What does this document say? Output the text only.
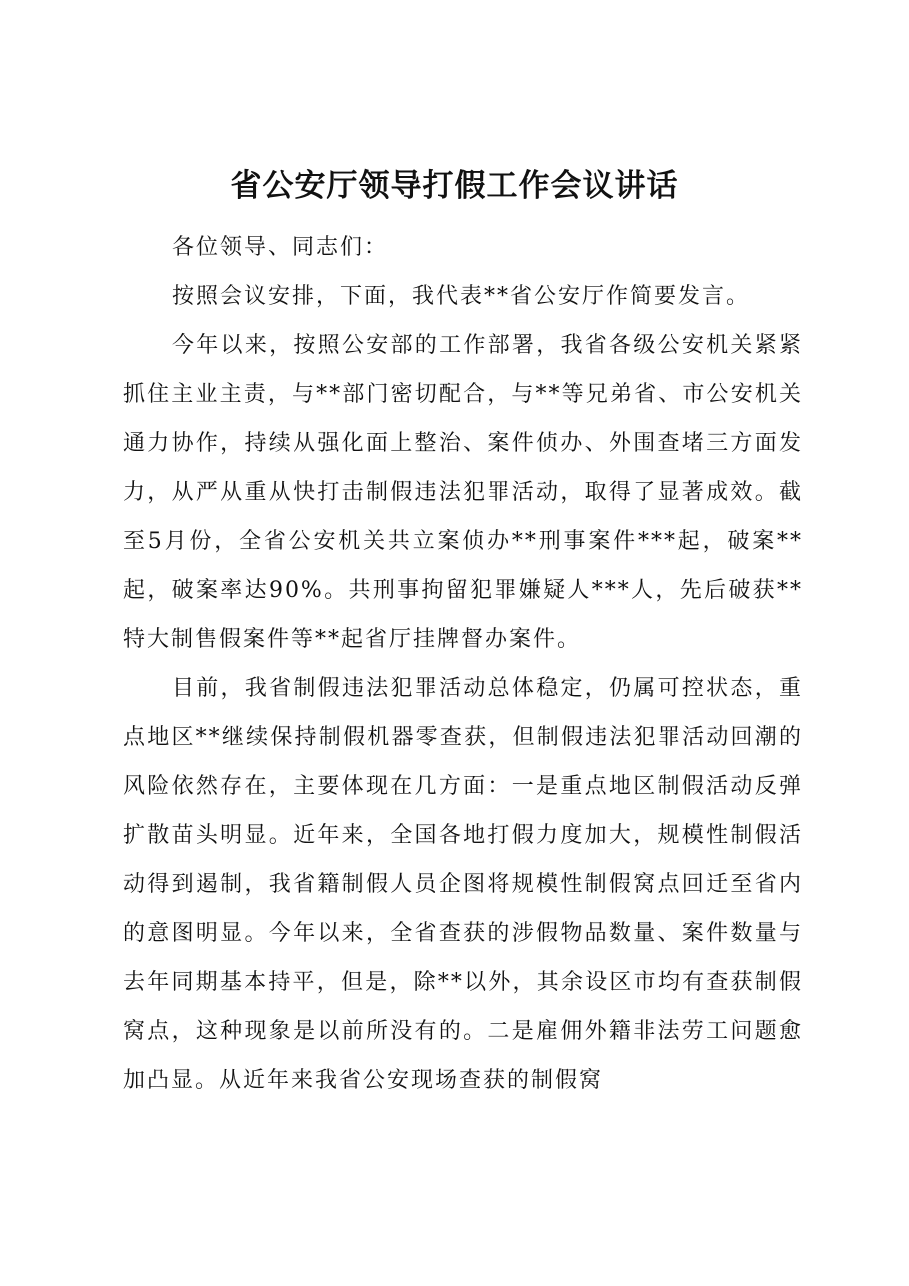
省公安厅领导打假工作会议讲话

各位领导、同志们：

按照会议安排，下面，我代表**省公安厅作简要发言。

今年以来，按照公安部的工作部署，我省各级公安机关紧紧抓住主业主责，与**部门密切配合，与**等兄弟省、市公安机关通力协作，持续从强化面上整治、案件侦办、外围查堵三方面发力，从严从重从快打击制假违法犯罪活动，取得了显著成效。截至5月份，全省公安机关共立案侦办**刑事案件***起，破案**起，破案率达90%。共刑事拘留犯罪嫌疑人***人，先后破获**特大制售假案件等**起省厅挂牌督办案件。

目前，我省制假违法犯罪活动总体稳定，仍属可控状态，重点地区**继续保持制假机器零查获，但制假违法犯罪活动回潮的风险依然存在，主要体现在几方面：一是重点地区制假活动反弹扩散苗头明显。近年来，全国各地打假力度加大，规模性制假活动得到遏制，我省籍制假人员企图将规模性制假窝点回迁至省内的意图明显。今年以来，全省查获的涉假物品数量、案件数量与去年同期基本持平，但是，除**以外，其余设区市均有查获制假窝点，这种现象是以前所没有的。二是雇佣外籍非法劳工问题愈加凸显。从近年来我省公安现场查获的制假窝
